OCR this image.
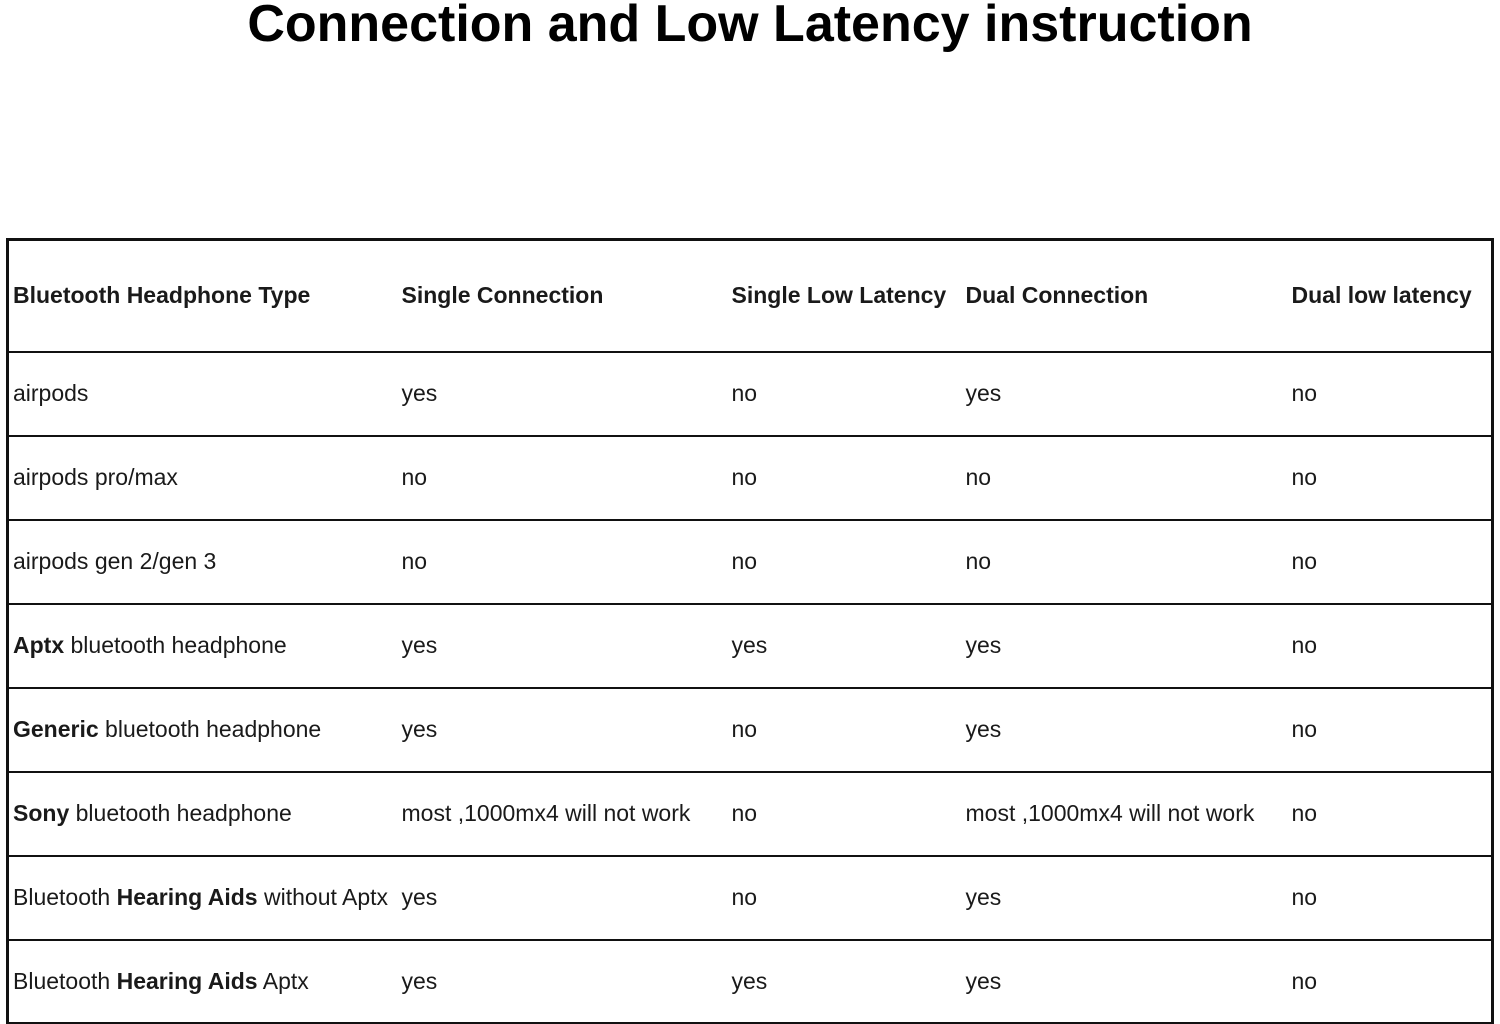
Connection and Low Latency instruction
Bluetooth Headphone Type	Single Connection	Single Low Latency	Dual Connection	Dual low latency
airpods	yes	no	yes	no
airpods pro/max	no	no	no	no
airpods gen 2/gen 3	no	no	no	no
Aptx bluetooth headphone	yes	yes	yes	no
Generic bluetooth headphone	yes	no	yes	no
Sony bluetooth headphone	most ,1000mx4 will not work	no	most ,1000mx4 will not work	no
Bluetooth Hearing Aids without Aptx	yes	no	yes	no
Bluetooth Hearing Aids Aptx	yes	yes	yes	no
